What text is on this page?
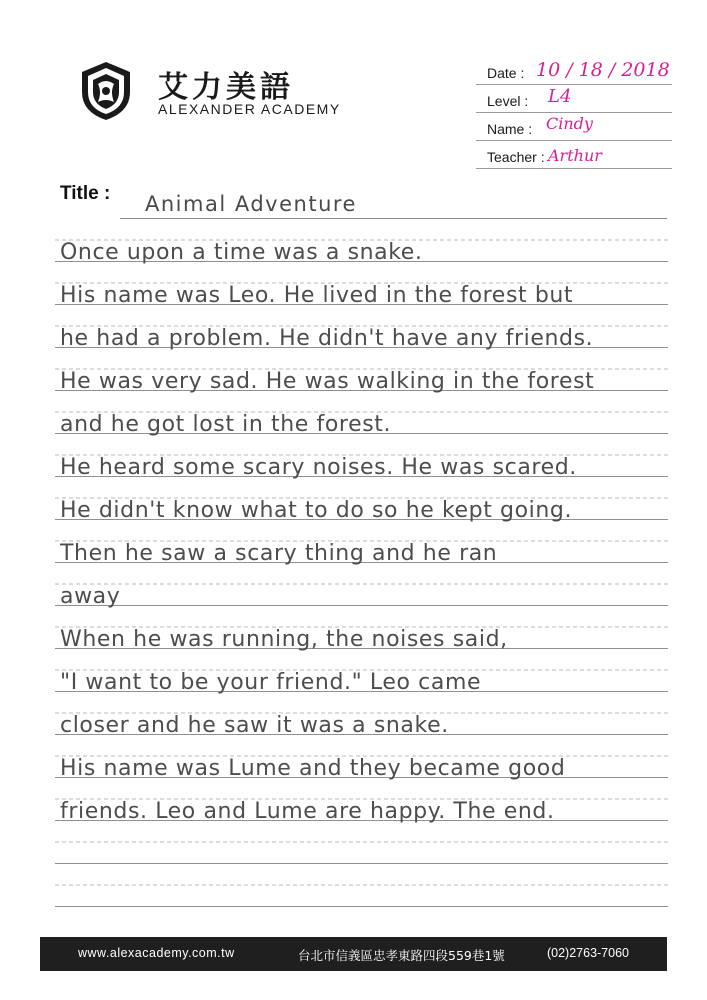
艾力美語
ALEXANDER ACADEMY
Date : 10 / 18 / 2018
Level : L4
Name : Cindy
Teacher : Arthur
Title : Animal Adventure
Once upon a time was a snake.
His name was Leo. He lived in the forest but
he had a problem. He didn't have any friends.
He was very sad. He was walking in the forest
and he got lost in the forest.
He heard some scary noises. He was scared.
He didn't know what to do so he kept going.
Then he saw a scary thing and he ran
away
When he was running, the noises said,
"I want to be your friend." Leo came
closer and he saw it was a snake.
His name was Lume and they became good
friends. Leo and Lume are happy. The end.
www.alexacademy.com.tw	台北市信義區忠孝東路四段559巷1號	(02)2763-7060
